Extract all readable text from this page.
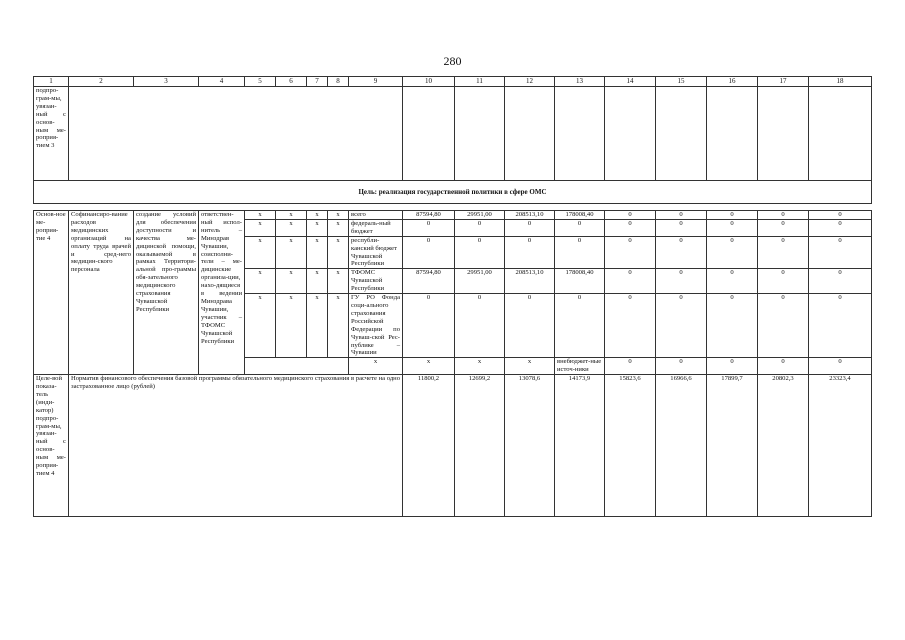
280
1	2	3	4	5	6	7	8	9	10	11	12	13	14	15	16	17	18	
подпро-грам-мы, увязан-ный с основ-ным ме-роприя-тием 3																		
Цель: реализация государственной политики в сфере ОМС																		

Основ-ное ме-роприя-тие 4	Софинансиро-вание расходов медицинских организаций на оплату труда врачей и сред-него медицин-ского персонала	создание условий для обеспечения доступности и качества ме-дицинской помощи, оказываемой в рамках Территори-альной про-граммы обя-зательного медицинского страхования Чувашской Республики	ответствен-ный испол-нитель – Минздрав Чувашии, соисполни-тели – ме-дицинские организа-ции, нахо-дящиеся в ведении Минздрава Чувашии, участник – ТФОМС Чувашской Республики	x	x	x	x	всего	87594,80	29951,00	208513,10	178008,40	0	0	0	0	0	
				x	x	x	x	федераль-ный бюджет	0	0	0	0	0	0	0	0	0	
				x	x	x	x	республи-канский бюджет Чувашской Республики	0	0	0	0	0	0	0	0	0	
				x	x	x	x	ТФОМС Чувашской Республики	87594,80	29951,00	208513,10	178008,40	0	0	0	0	0	
				x	x	x	x	ГУ РО Фонда соци-ального страхования Российской Федерации по Чуваш-ской Рес-публике – Чувашии	0	0	0	0	0	0	0	0	0	
								x	x	x	x	внебюджет-ные источ-ники	0	0	0	0	0				
Целе-вой показа-тель (инди-катор) подпро-грам-мы, увязан-ный с основ-ным ме-роприя-тием 4	Норматив финансового обеспечения базовой программы обязательного медицинского страхования в расчете на одно застрахованное лицо (рублей)								11800,2	12699,2	13078,6	14173,9	15823,6	16966,6	17899,7	20802,3	23323,4	
